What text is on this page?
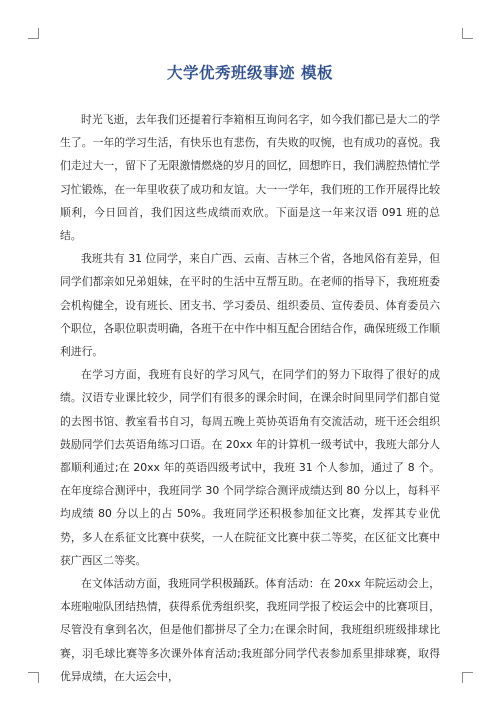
大学优秀班级事迹 模板

时光飞逝，去年我们还提着行李箱相互询问名字，如今我们都已是大二的学生了。一年的学习生活，有快乐也有悲伤，有失败的叹惋，也有成功的喜悦。我们走过大一，留下了无限激情燃烧的岁月的回忆，回想昨日，我们满腔热情忙学习忙锻炼，在一年里收获了成功和友谊。大一一学年，我们班的工作开展得比较顺利，今日回首，我们因这些成绩而欢欣。下面是这一年来汉语 091 班的总结。

我班共有 31 位同学，来自广西、云南、吉林三个省，各地风俗有差异，但同学们都亲如兄弟姐妹，在平时的生活中互帮互助。在老师的指导下，我班班委会机构健全，设有班长、团支书、学习委员、组织委员、宣传委员、体育委员六个职位，各职位职责明确，各班干在中作中相互配合团结合作，确保班级工作顺利进行。

在学习方面，我班有良好的学习风气，在同学们的努力下取得了很好的成绩。汉语专业课比较少，同学们有很多的课余时间，在课余时间里同学们都自觉的去图书馆、教室看书自习，每周五晚上英协英语角有交流活动，班干还会组织鼓励同学们去英语角练习口语。在 20xx 年的计算机一级考试中，我班大部分人都顺利通过;在 20xx 年的英语四级考试中，我班 31 个人参加，通过了 8 个。在年度综合测评中，我班同学 30 个同学综合测评成绩达到 80 分以上，每科平均成绩 80 分以上的占 50%。我班同学还积极参加征文比赛，发挥其专业优势，多人在系征文比赛中获奖，一人在院征文比赛中获二等奖，在区征文比赛中获广西区二等奖。

在文体活动方面，我班同学积极踊跃。体育活动：在 20xx 年院运动会上，本班啦啦队团结热情，获得系优秀组织奖，我班同学报了校运会中的比赛项目，尽管没有拿到名次，但是他们都拼尽了全力;在课余时间，我班组织班级排球比赛，羽毛球比赛等多次课外体育活动;我班部分同学代表参加系里排球赛，取得优异成绩，在大运会中，
